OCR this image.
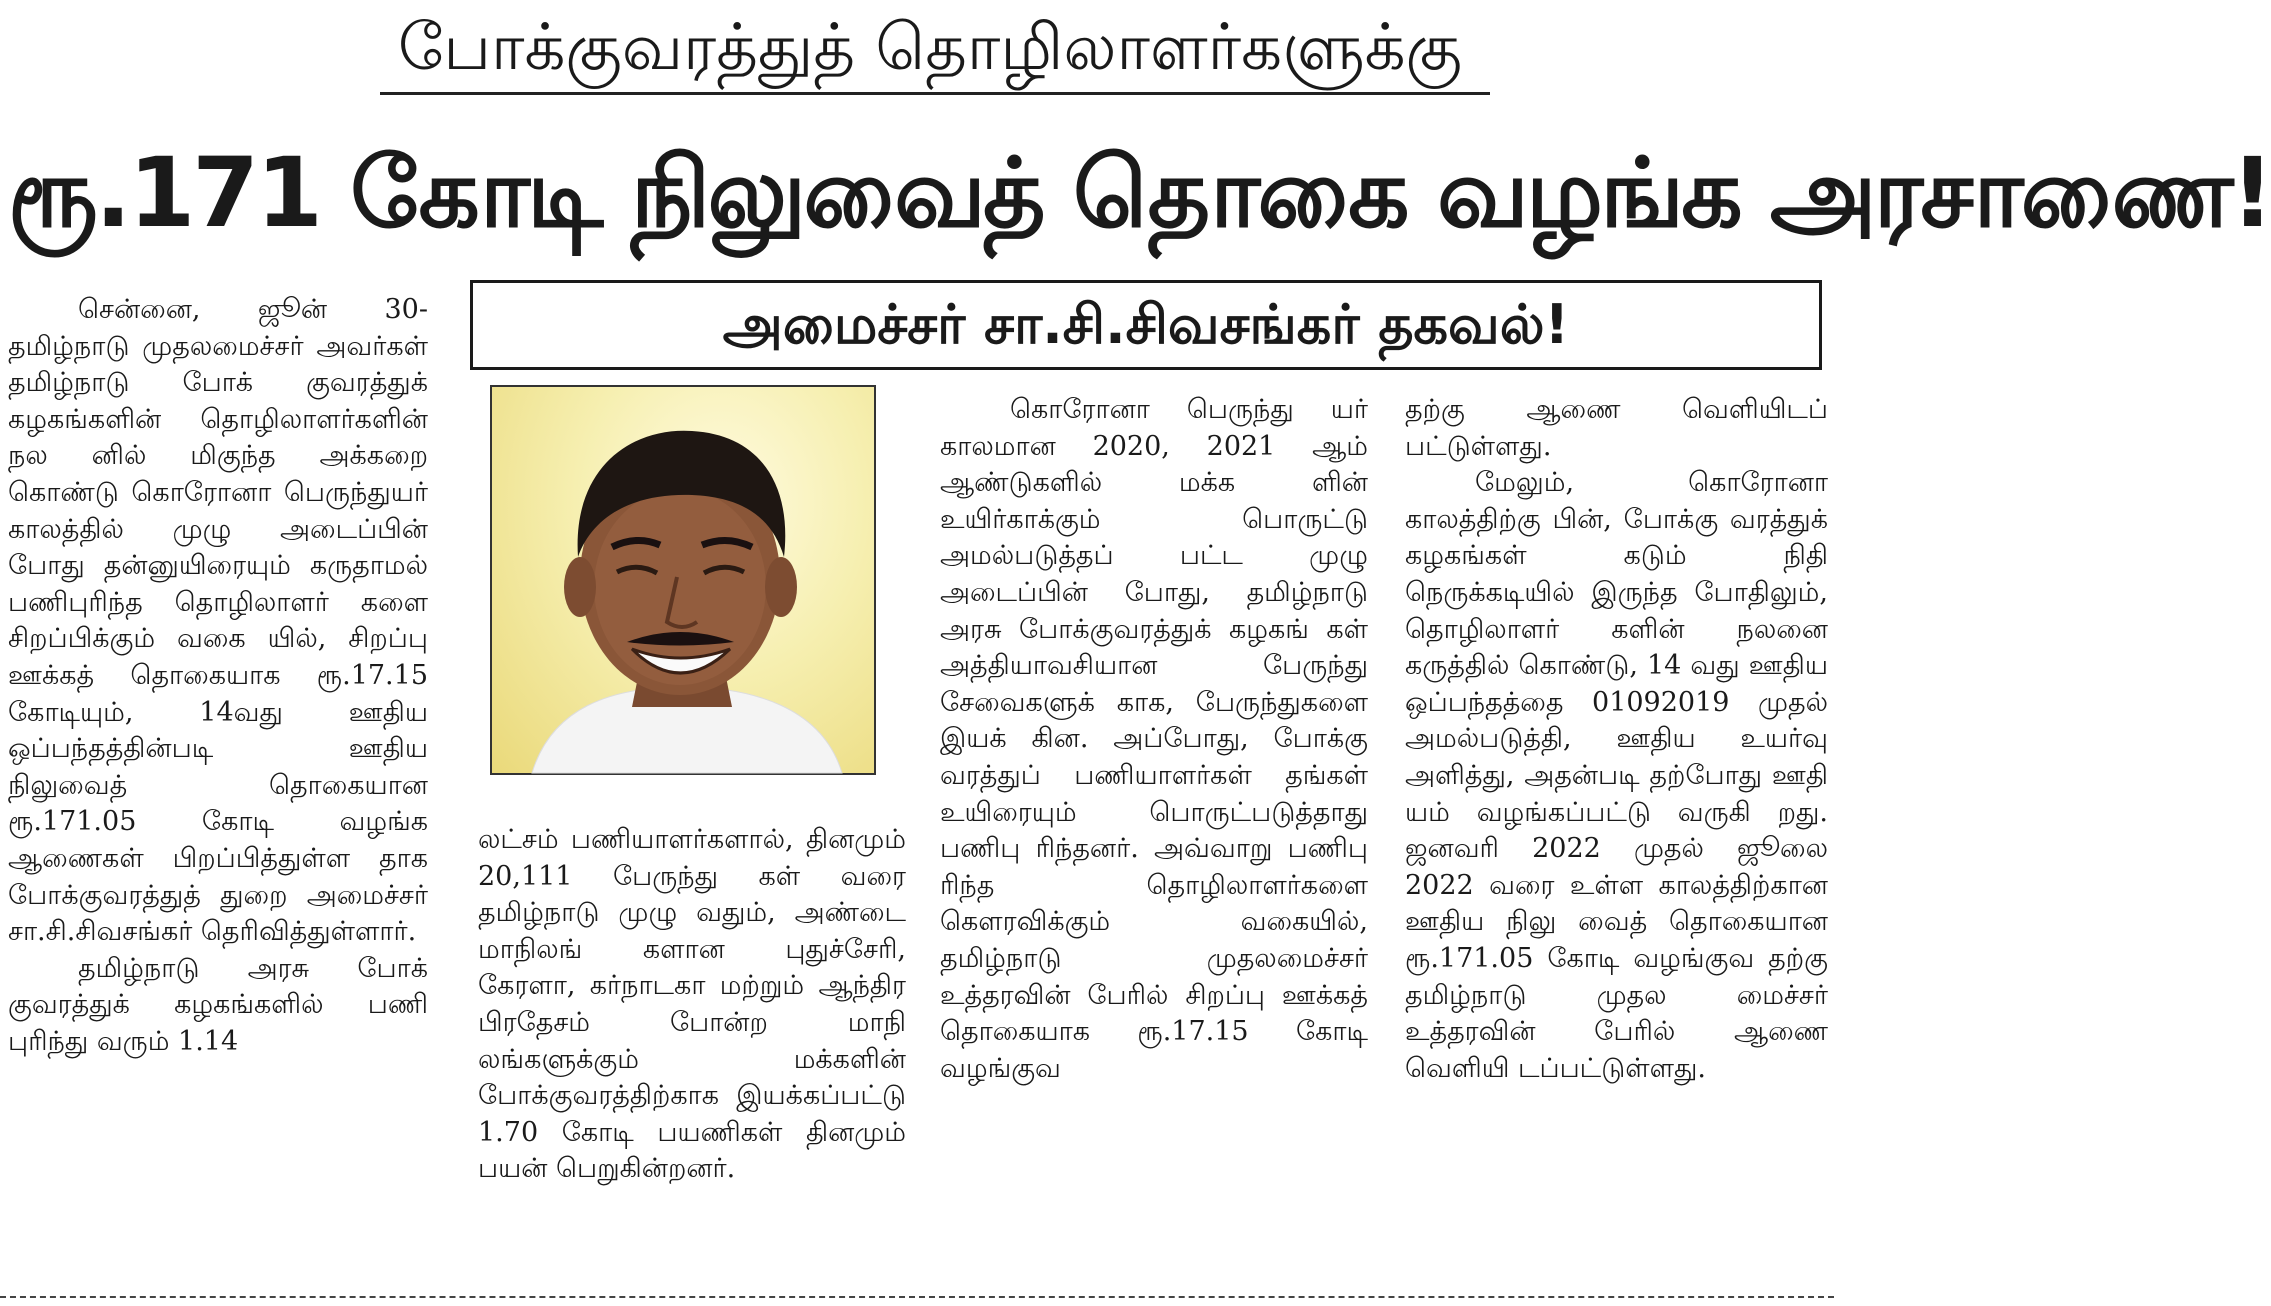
போக்குவரத்துத் தொழிலாளர்களுக்கு
ரூ.171 கோடி நிலுவைத் தொகை வழங்க அரசாணை!
அமைச்சர் சா.சி.சிவசங்கர் தகவல்!

சென்னை, ஜூன் 30- தமிழ்நாடு முதலமைச்சர் அவர்கள் தமிழ்நாடு போக் குவரத்துக் கழகங்களின் தொழிலாளர்களின் நல னில் மிகுந்த அக்கறை கொண்டு கொரோனா பெருந்துயர் காலத்தில் முழு அடைப்பின் போது தன்னுயிரையும் கருதாமல் பணிபுரிந்த தொழிலாளர் களை சிறப்பிக்கும் வகை யில், சிறப்பு ஊக்கத் தொகையாக ரூ.17.15 கோடியும், 14வது ஊதிய ஒப்பந்தத்தின்படி ஊதிய நிலுவைத் தொகையான ரூ.171.05 கோடி வழங்க ஆணைகள் பிறப்பித்துள்ள தாக போக்குவரத்துத் துறை அமைச்சர் சா.சி.சிவசங்கர் தெரிவித்துள்ளார்.

தமிழ்நாடு அரசு போக் குவரத்துக் கழகங்களில் பணி புரிந்து வரும் 1.14

லட்சம் பணியாளர்களால், தினமும் 20,111 பேருந்து கள் வரை தமிழ்நாடு முழு வதும், அண்டை மாநிலங் களான புதுச்சேரி, கேரளா, கர்நாடகா மற்றும் ஆந்திர பிரதேசம் போன்ற மாநி லங்களுக்கும் மக்களின் போக்குவரத்திற்காக இயக்கப்பட்டு 1.70 கோடி பயணிகள் தினமும் பயன் பெறுகின்றனர்.

கொரோனா பெருந்து யர் காலமான 2020, 2021 ஆம் ஆண்டுகளில் மக்க ளின் உயிர்காக்கும் பொருட்டு அமல்படுத்தப் பட்ட முழு அடைப்பின் போது, தமிழ்நாடு அரசு போக்குவரத்துக் கழகங் கள் அத்தியாவசியான பேருந்து சேவைகளுக் காக, பேருந்துகளை இயக் கின. அப்போது, போக்கு வரத்துப் பணியாளர்கள் தங்கள் உயிரையும் பொருட்படுத்தாது பணிபு ரிந்தனர். அவ்வாறு பணிபு ரிந்த தொழிலாளர்களை கௌரவிக்கும் வகையில், தமிழ்நாடு முதலமைச்சர் உத்தரவின் பேரில் சிறப்பு ஊக்கத் தொகையாக ரூ.17.15 கோடி வழங்குவ

தற்கு ஆணை வெளியிடப் பட்டுள்ளது.

மேலும், கொரோனா காலத்திற்கு பின், போக்கு வரத்துக் கழகங்கள் கடும் நிதி நெருக்கடியில் இருந்த போதிலும், தொழிலாளர் களின் நலனை கருத்தில் கொண்டு, 14 வது ஊதிய ஒப்பந்தத்தை 01092019 முதல் அமல்படுத்தி, ஊதிய உயர்வு அளித்து, அதன்படி தற்போது ஊதி யம் வழங்கப்பட்டு வருகி றது. ஜனவரி 2022 முதல் ஜூலை 2022 வரை உள்ள காலத்திற்கான ஊதிய நிலு வைத் தொகையான ரூ.171.05 கோடி வழங்குவ தற்கு தமிழ்நாடு முதல மைச்சர் உத்தரவின் பேரில் ஆணை வெளியி டப்பட்டுள்ளது.
